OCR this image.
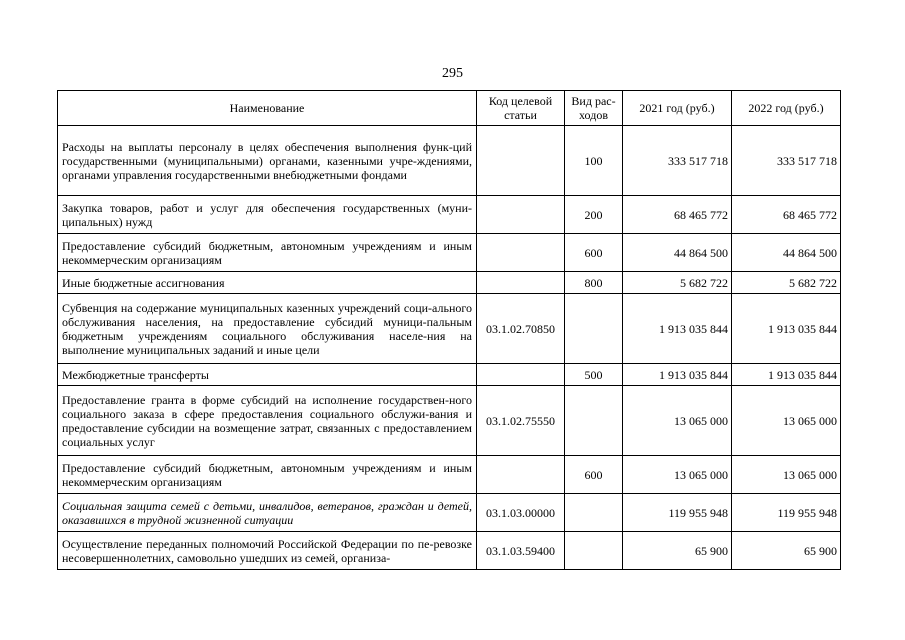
295
Наименование	Код целевой статьи	Вид рас-ходов	2021 год (руб.)	2022 год (руб.)
Расходы на выплаты персоналу в целях обеспечения выполнения функ-ций государственными (муниципальными) органами, казенными учре-ждениями, органами управления государственными внебюджетными фондами		100	333 517 718	333 517 718
Закупка товаров, работ и услуг для обеспечения государственных (муни-ципальных) нужд		200	68 465 772	68 465 772
Предоставление субсидий бюджетным, автономным учреждениям и иным некоммерческим организациям		600	44 864 500	44 864 500
Иные бюджетные ассигнования		800	5 682 722	5 682 722
Субвенция на содержание муниципальных казенных учреждений соци-ального обслуживания населения, на предоставление субсидий муници-пальным бюджетным учреждениям социального обслуживания населе-ния на выполнение муниципальных заданий и иные цели	03.1.02.70850		1 913 035 844	1 913 035 844
Межбюджетные трансферты		500	1 913 035 844	1 913 035 844
Предоставление гранта в форме субсидий на исполнение государствен-ного социального заказа в сфере предоставления социального обслужи-вания и предоставление субсидии на возмещение затрат, связанных с предоставлением социальных услуг	03.1.02.75550		13 065 000	13 065 000
Предоставление субсидий бюджетным, автономным учреждениям и иным некоммерческим организациям		600	13 065 000	13 065 000
Социальная защита семей с детьми, инвалидов, ветеранов, граждан и детей, оказавшихся в трудной жизненной ситуации	03.1.03.00000		119 955 948	119 955 948
Осуществление переданных полномочий Российской Федерации по пе-ревозке несовершеннолетних, самовольно ушедших из семей, организа-	03.1.03.59400		65 900	65 900
